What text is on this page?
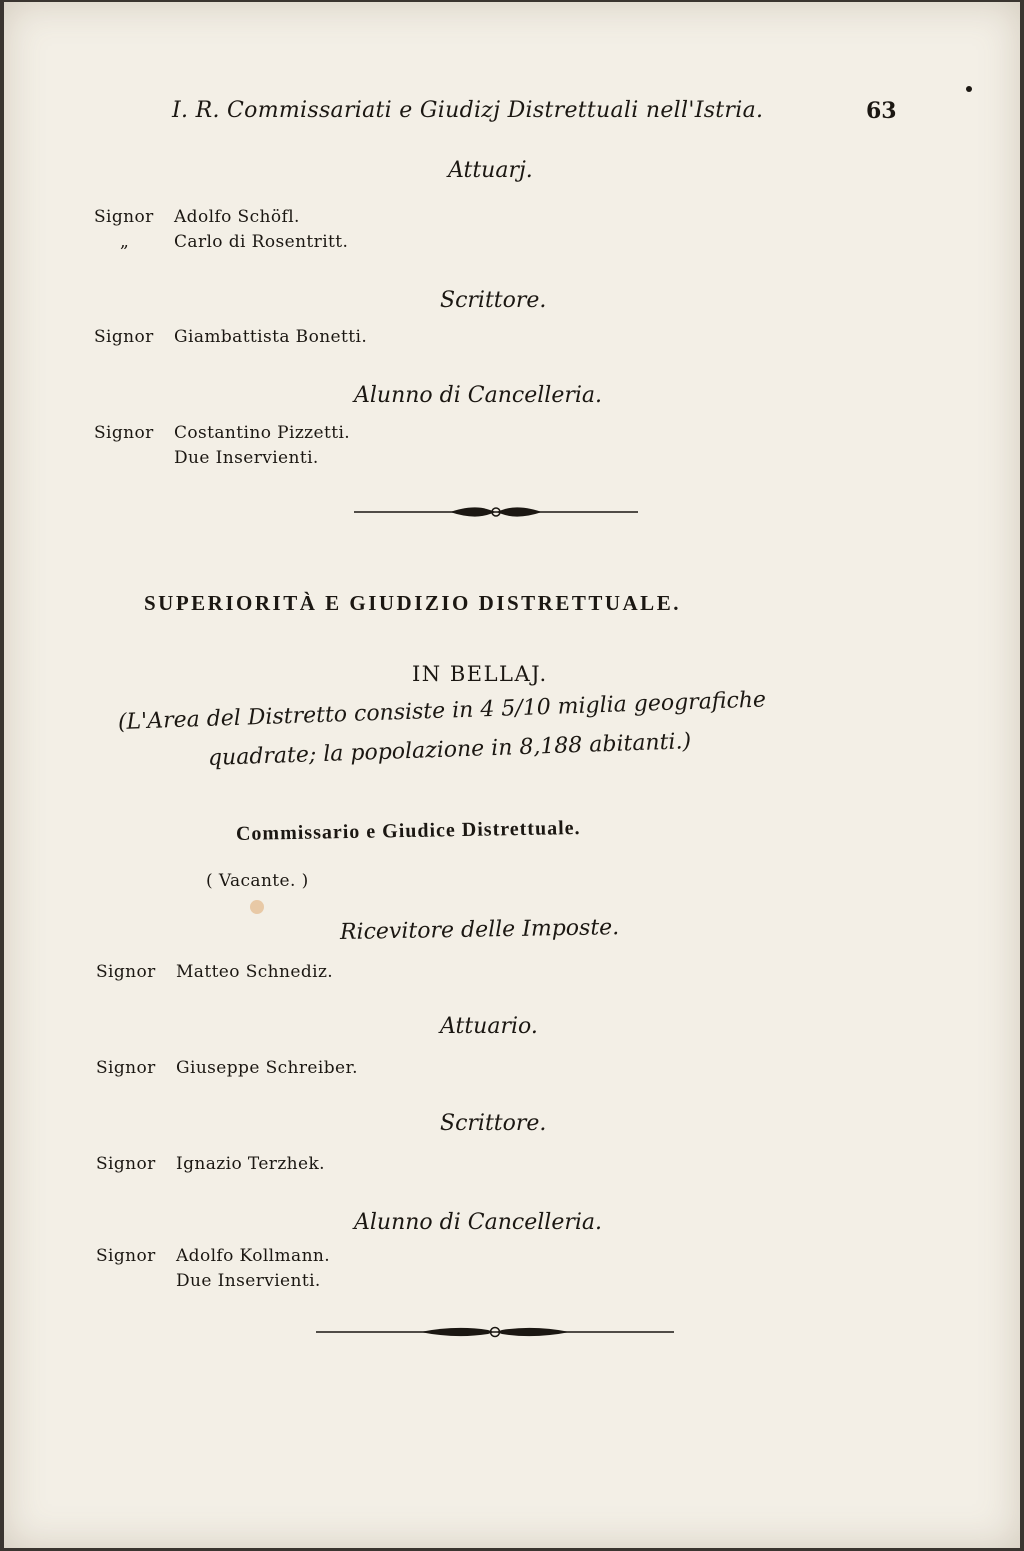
I. R. Commissariati e Giudizj Distrettuali nell'Istria.	63
Attuarj.
Signor Adolfo Schöfl.
„	Carlo di Rosentritt.
Scrittore.
Signor Giambattista Bonetti.
Alunno di Cancelleria.
Signor Costantino Pizzetti.
Due Inservienti.
SUPERIORITÀ E GIUDIZIO DISTRETTUALE.
IN BELLAJ.
(L'Area del Distretto consiste in 4 5/10 miglia geografiche
quadrate; la popolazione in 8,188 abitanti.)
Commissario e Giudice Distrettuale.
( Vacante. )
Ricevitore delle Imposte.
Signor Matteo Schnediz.
Attuario.
Signor Giuseppe Schreiber.
Scrittore.
Signor Ignazio Terzhek.
Alunno di Cancelleria.
Signor Adolfo Kollmann.
Due Inservienti.
